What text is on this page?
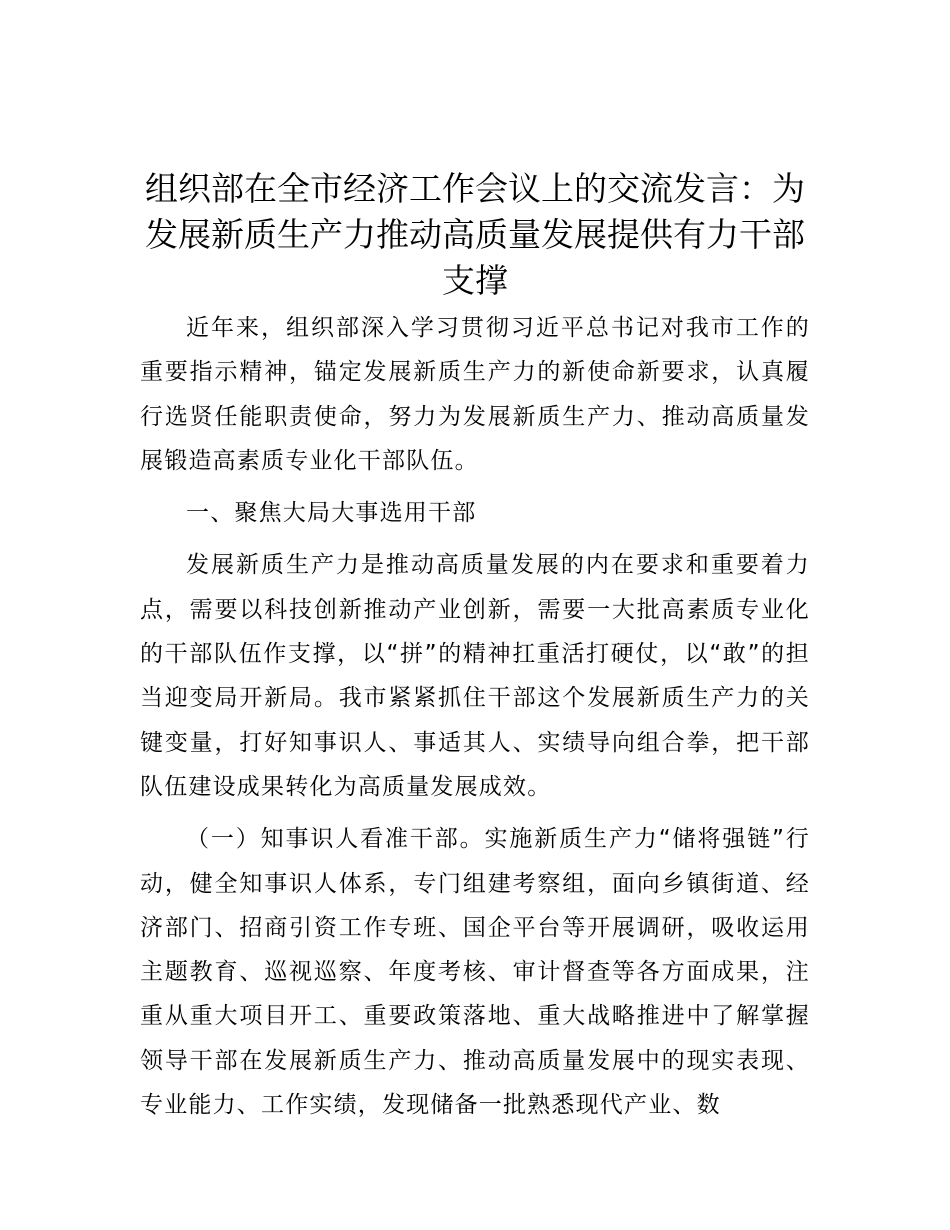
组织部在全市经济工作会议上的交流发言：为发展新质生产力推动高质量发展提供有力干部支撑

近年来，组织部深入学习贯彻习近平总书记对我市工作的重要指示精神，锚定发展新质生产力的新使命新要求，认真履行选贤任能职责使命，努力为发展新质生产力、推动高质量发展锻造高素质专业化干部队伍。

一、聚焦大局大事选用干部

发展新质生产力是推动高质量发展的内在要求和重要着力点，需要以科技创新推动产业创新，需要一大批高素质专业化的干部队伍作支撑，以“拼”的精神扛重活打硬仗，以“敢”的担当迎变局开新局。我市紧紧抓住干部这个发展新质生产力的关键变量，打好知事识人、事适其人、实绩导向组合拳，把干部队伍建设成果转化为高质量发展成效。

（一）知事识人看准干部。实施新质生产力“储将强链”行动，健全知事识人体系，专门组建考察组，面向乡镇街道、经济部门、招商引资工作专班、国企平台等开展调研，吸收运用主题教育、巡视巡察、年度考核、审计督查等各方面成果，注重从重大项目开工、重要政策落地、重大战略推进中了解掌握领导干部在发展新质生产力、推动高质量发展中的现实表现、专业能力、工作实绩，发现储备一批熟悉现代产业、数
